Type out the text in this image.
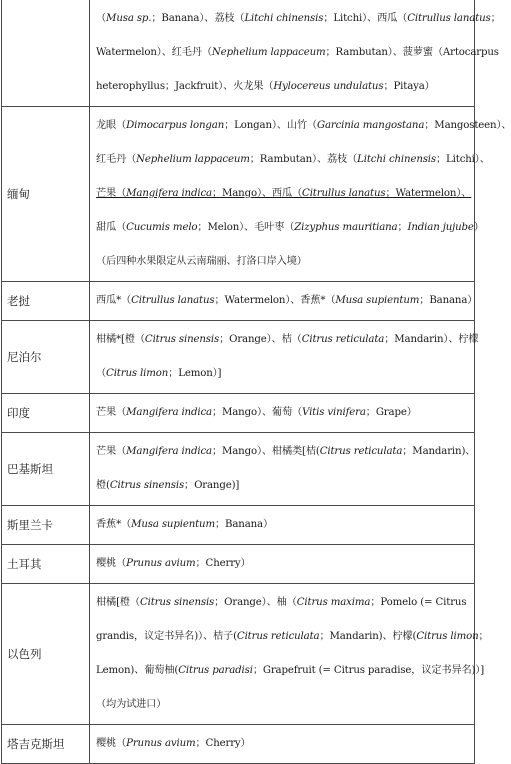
	（Musa sp.；Banana）、荔枝（Litchi chinensis；Litchi）、西瓜（Citrullus lanatus；
Watermelon）、红毛丹（Nephelium lappaceum；Rambutan）、菠萝蜜（Artocarpus
heterophyllus；Jackfruit）、火龙果（Hylocereus undulatus；Pitaya）

缅甸	龙眼（Dimocarpus longan；Longan）、山竹（Garcinia mangostana；Mangosteen）、
红毛丹（Nephelium lappaceum；Rambutan）、荔枝（Litchi chinensis；Litchi）、
芒果（Mangifera indica；Mango）、西瓜（Citrullus lanatus；Watermelon）、
甜瓜（Cucumis melo；Melon）、毛叶枣（Zizyphus mauritiana；Indian jujube）
（后四种水果限定从云南瑞丽、打洛口岸入境）

老挝	西瓜*（Citrullus lanatus；Watermelon）、香蕉*（Musa supientum；Banana）

尼泊尔	柑橘*[橙（Citrus sinensis；Orange）、桔（Citrus reticulata；Mandarin）、柠檬
（Citrus limon；Lemon）]

印度	芒果（Mangifera indica；Mango）、葡萄（Vitis vinifera；Grape）

巴基斯坦	芒果（Mangifera indica；Mango）、柑橘类[桔(Citrus reticulata；Mandarin)、
橙(Citrus sinensis；Orange)]

斯里兰卡	香蕉*（Musa supientum；Banana）

土耳其	樱桃（Prunus avium；Cherry）

以色列	柑橘[橙（Citrus sinensis；Orange）、柚（Citrus maxima；Pomelo (= Citrus
grandis，议定书异名)）、桔子(Citrus reticulata；Mandarin)、柠檬(Citrus limon；
Lemon)、葡萄柚(Citrus paradisi；Grapefruit (= Citrus paradise，议定书异名)）]
（均为试进口）

塔吉克斯坦	樱桃（Prunus avium；Cherry）
